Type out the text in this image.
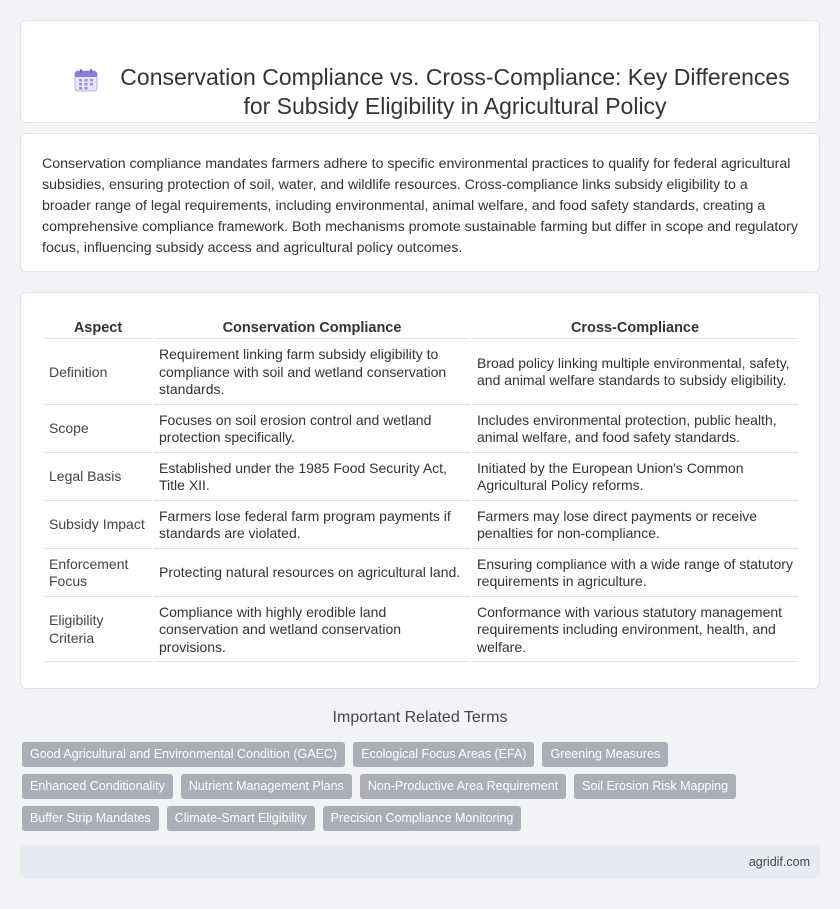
Conservation Compliance vs. Cross-Compliance: Key Differences for Subsidy Eligibility in Agricultural Policy

Conservation compliance mandates farmers adhere to specific environmental practices to qualify for federal agricultural subsidies, ensuring protection of soil, water, and wildlife resources. Cross-compliance links subsidy eligibility to a broader range of legal requirements, including environmental, animal welfare, and food safety standards, creating a comprehensive compliance framework. Both mechanisms promote sustainable farming but differ in scope and regulatory focus, influencing subsidy access and agricultural policy outcomes.

Aspect	Conservation Compliance	Cross-Compliance
Definition	Requirement linking farm subsidy eligibility to compliance with soil and wetland conservation standards.	Broad policy linking multiple environmental, safety, and animal welfare standards to subsidy eligibility.
Scope	Focuses on soil erosion control and wetland protection specifically.	Includes environmental protection, public health, animal welfare, and food safety standards.
Legal Basis	Established under the 1985 Food Security Act, Title XII.	Initiated by the European Union's Common Agricultural Policy reforms.
Subsidy Impact	Farmers lose federal farm program payments if standards are violated.	Farmers may lose direct payments or receive penalties for non-compliance.
Enforcement Focus	Protecting natural resources on agricultural land.	Ensuring compliance with a wide range of statutory requirements in agriculture.
Eligibility Criteria	Compliance with highly erodible land conservation and wetland conservation provisions.	Conformance with various statutory management requirements including environment, health, and welfare.
Important Related Terms
Good Agricultural and Environmental Condition (GAEC)	Ecological Focus Areas (EFA)	Greening Measures
Enhanced Conditionality	Nutrient Management Plans	Non-Productive Area Requirement	Soil Erosion Risk Mapping
Buffer Strip Mandates	Climate-Smart Eligibility	Precision Compliance Monitoring
agridif.com
